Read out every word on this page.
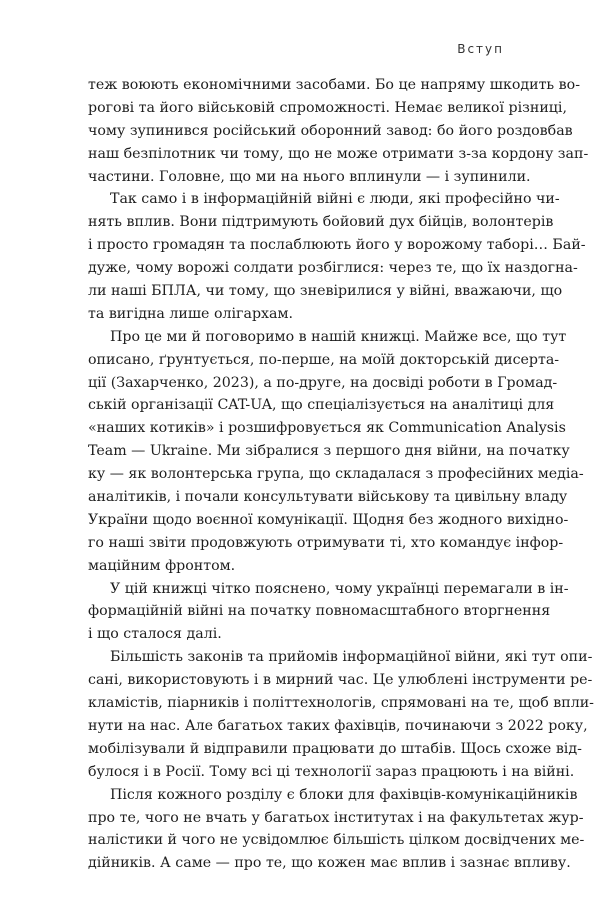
Вступ
теж воюють економічними засобами. Бо це напряму шкодить во-
рогові та його військовій спроможності. Немає великої різниці,
чому зупинився російський оборонний завод: бо його роздовбав
наш безпілотник чи тому, що не може отримати з-за кордону зап-
частини. Головне, що ми на нього вплинули — і зупинили.
Так само і в інформаційній війні є люди, які професійно чи-
нять вплив. Вони підтримують бойовий дух бійців, волонтерів
і просто громадян та послаблюють його у ворожому таборі… Бай-
дуже, чому ворожі солдати розбіглися: через те, що їх наздогна-
ли наші БПЛА, чи тому, що зневірилися у війні, вважаючи, що
та вигідна лише олігархам.
Про це ми й поговоримо в нашій книжці. Майже все, що тут
описано, ґрунтується, по-перше, на моїй докторській дисерта-
ції (Захарченко, 2023), а по-друге, на досвіді роботи в Громад-
ській організації CAT-UA, що спеціалізується на аналітиці для
«наших котиків» і розшифровується як Communication Analysis
Team — Ukraine. Ми зібралися з першого дня війни, на початку
ку — як волонтерська група, що складалася з професійних медіа-
аналітиків, і почали консультувати військову та цивільну владу
України щодо воєнної комунікації. Щодня без жодного вихідно-
го наші звіти продовжують отримувати ті, хто командує інфор-
маційним фронтом.
У цій книжці чітко пояснено, чому українці перемагали в ін-
формаційній війні на початку повномасштабного вторгнення
і що сталося далі.
Більшість законів та прийомів інформаційної війни, які тут опи-
сані, використовують і в мирний час. Це улюблені інструменти ре-
кламістів, піарників і політтехнологів, спрямовані на те, щоб впли-
нути на нас. Але багатьох таких фахівців, починаючи з 2022 року,
мобілізували й відправили працювати до штабів. Щось схоже від-
булося і в Росії. Тому всі ці технології зараз працюють і на війні.
Після кожного розділу є блоки для фахівців-комунікаційників
про те, чого не вчать у багатьох інститутах і на факультетах жур-
налістики й чого не усвідомлює більшість цілком досвідчених ме-
дійників. А саме — про те, що кожен має вплив і зазнає впливу.
